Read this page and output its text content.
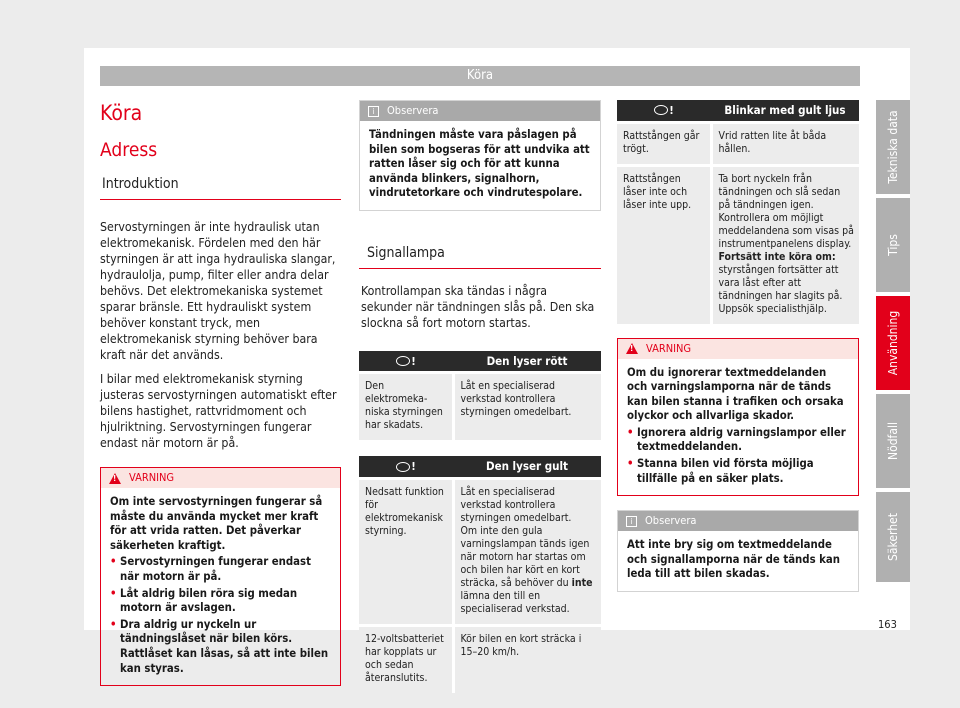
Köra
Köra
Adress
Introduktion

Servostyrningen är inte hydraulisk utan elektromekanisk. Fördelen med den här styrningen är att inga hydrauliska slangar, hydraulolja, pump, filter eller andra delar behövs. Det elektromekaniska systemet sparar bränsle. Ett hydrauliskt system behöver konstant tryck, men elektromekanisk styrning behöver bara kraft när det används.

I bilar med elektromekanisk styrning justeras servostyrningen automatiskt efter bilens hastighet, rattvridmoment och hjulriktning. Servostyrningen fungerar endast när motorn är på.

!
VARNING
Om inte servostyrningen fungerar så måste du använda mycket mer kraft för att vrida ratten. Det påverkar säkerheten kraftigt.
• Servostyrningen fungerar endast när motorn är på.
• Låt aldrig bilen röra sig medan motorn är avslagen.
• Dra aldrig ur nyckeln ur tändningslåset när bilen körs. Rattlåset kan låsas, så att inte bilen kan styras.
i	Observera
Tändningen måste vara påslagen på bilen som bogseras för att undvika att ratten låser sig och för att kunna använda blinkers, signalhorn, vindrutetorkare och vindrutespolare.
Signallampa

Kontrollampan ska tändas i några sekunder när tändningen slås på. Den ska slockna så fort motorn startas.

!	Den lyser rött
Den elektromekaniska styrningen har skadats.	Låt en specialiserad verkstad kontrollera styrningen omedelbart.
!	Den lyser gult
Nedsatt funktion för elektromekanisk styrning.	Låt en specialiserad verkstad kontrollera styrningen omedelbart.
Om inte den gula varningslampan tänds igen när motorn har startas om och bilen har kört en kort sträcka, så behöver du inte lämna den till en specialiserad verkstad.
12-voltsbatteriet har kopplats ur och sedan återanslutits.	Kör bilen en kort sträcka i 15–20 km/h.
!	Blinkar med gult ljus
Rattstången går trögt.	Vrid ratten lite åt båda hållen.
Rattstången låser inte och låser inte upp.	Ta bort nyckeln från tändningen och slå sedan på tändningen igen. Kontrollera om möjligt meddelandena som visas på instrumentpanelens display.
Fortsätt inte köra om: styrstången fortsätter att vara låst efter att tändningen har slagits på. Uppsök specialisthjälp.
!
VARNING
Om du ignorerar textmeddelanden och varningslamporna när de tänds kan bilen stanna i trafiken och orsaka olyckor och allvarliga skador.
• Ignorera aldrig varningslampor eller textmeddelanden.
• Stanna bilen vid första möjliga tillfälle på en säker plats.
i	Observera
Att inte bry sig om textmeddelande och signallamporna när de tänds kan leda till att bilen skadas.
Tekniska data
Tips
Användning
Nödfall
Säkerhet
163
